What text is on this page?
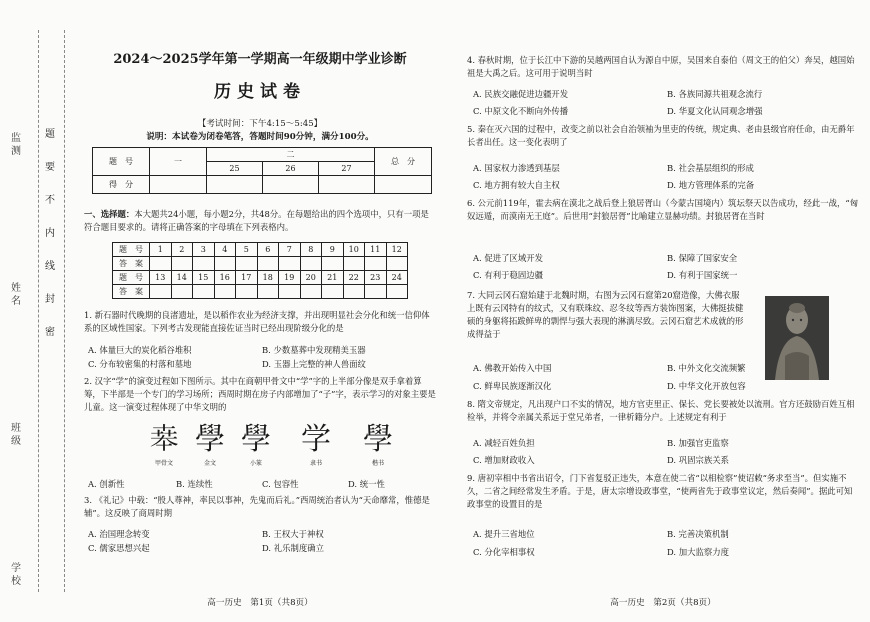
监测
姓名
班级
学校
题
要
不
内
线
封
密
2024～2025学年第一学期高一年级期中学业诊断
历史试卷
【考试时间：下午4:15～5:45】
说明：本试卷为闭卷笔答，答题时间90分钟，满分100分。
题　号	一	二			总　分
		25	26	27	
得　分					
一、选择题：本大题共24小题，每小题2分，共48分。在每题给出的四个选项中，只有一项是符合题目要求的。请将正确答案的字母填在下列表格内。
题　号	1	2	3	4	5	6	7	8	9	10	11	12
答　案												
题　号	13	14	15	16	17	18	19	20	21	22	23	24
答　案												
1. 新石器时代晚期的良渚遗址，是以稻作农业为经济支撑，并出现明显社会分化和统一信仰体系的区域性国家。下列考古发现能直接佐证当时已经出现阶级分化的是
A. 体量巨大的炭化稻谷堆积	B. 少数墓葬中发现精美玉器
C. 分布较密集的村落和墓地	D. 玉器上完整的神人兽面纹
2. 汉字“学”的演变过程如下图所示。其中在商朝甲骨文中“学”字的上半部分像是双手拿着算筹，下半部是一个专门的学习场所；西周时期在房子内部增加了“子”字，表示学习的对象主要是儿童。这一演变过程体现了中华文明的
𠦪
甲骨文
學
金文
學
小篆
学
隶书
學
楷书
A. 创新性	B. 连续性	C. 包容性	D. 统一性
3. 《礼记》中载：“殷人尊神，率民以事神，先鬼而后礼。”西周统治者认为“天命靡常，惟德是辅”。这反映了商周时期
A. 治国理念转变	B. 王权大于神权
C. 儒家思想兴起	D. 礼乐制度确立
高一历史　第1页（共8页）
4. 春秋时期，位于长江中下游的吴越两国自认为源自中原，吴国来自泰伯（周文王的伯父）奔吴，越国始祖是大禹之后。这可用于说明当时
A. 民族交融促进边疆开发	B. 各族同源共祖观念流行
C. 中原文化不断向外传播	D. 华夏文化认同观念增强
5. 秦在灭六国的过程中，改变之前以社会自治领袖为里吏的传统，规定典、老由县级官府任命，由无爵年长者出任。这一变化表明了
A. 国家权力渗透到基层	B. 社会基层组织的形成
C. 地方拥有较大自主权	D. 地方管理体系的完备
6. 公元前119年，霍去病在漠北之战后登上狼居胥山（今蒙古国境内）筑坛祭天以告成功，经此一战，“匈奴远遁，而漠南无王庭”。后世用“封狼居胥”比喻建立显赫功绩。封狼居胥在当时
A. 促进了区域开发	B. 保障了国家安全
C. 有利于稳固边疆	D. 有利于国家统一
7. 大同云冈石窟始建于北魏时期，右图为云冈石窟第20窟造像，大佛衣服上既有云冈特有的纹式，又有联珠纹、忍冬纹等西方装饰图案，大佛挺拔健硕的身躯将拓跋鲜卑的剽悍与强大表现的淋漓尽致。云冈石窟艺术成就的形成得益于
A. 佛教开始传入中国	B. 中外文化交流频繁
C. 鲜卑民族逐渐汉化	D. 中华文化开放包容
8. 隋文帝规定，凡出现户口不实的情况，地方官吏里正、保长、党长要被处以流刑。官方还鼓励百姓互相检举，并将令亲属关系远于堂兄弟者，一律析籍分户。上述规定有利于
A. 减轻百姓负担	B. 加强官吏监察
C. 增加财政收入	D. 巩固宗族关系
9. 唐初宰相中书省出诏令，门下省复驳正违失，本意在使二省“以相检察”使诏敕“务求至当”。但实施不久，二省之间经常发生矛盾。于是，唐太宗增设政事堂，“使两省先于政事堂议定，然后奏闻”。据此可知政事堂的设置目的是
A. 提升三省地位	B. 完善决策机制
C. 分化宰相事权	D. 加大监察力度
高一历史　第2页（共8页）
